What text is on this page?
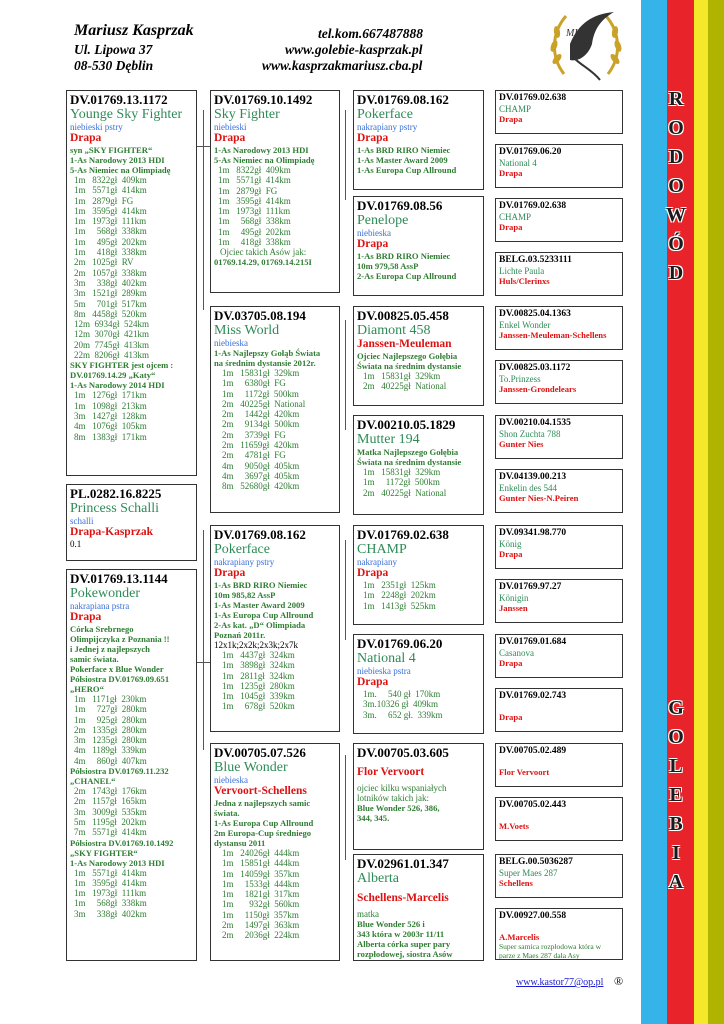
R
O
D
O
W
Ó
D
G
O
L
E
B
I
A
Mariusz Kasprzak
Ul. Lipowa 37
08-530 Dęblin
tel.kom.667487888
www.golebie-kasprzak.pl
www.kasprzakmariusz.cba.pl
MK
DV.01769.13.1172
Younge Sky Fighter
niebieski pstry
Drapa
syn „SKY FIGHTER“
1-As Narodowy 2013 HDI
5-As Niemiec na Olimpiadę
1m   8322gł  409km
1m   5571gł  414km
1m   2879gł  FG
1m   3595gł  414km
1m   1973gł  111km
1m     568gł  338km
1m     495gł  202km
1m     418gł  338km
2m   1025gł  RV
2m   1057gł  338km
3m     338gł  402km
3m   1521gł  289km
5m     701gł  517km
8m   4458gł  520km
12m  6934gł  524km
12m  3070gł  421km
20m  7745gł  413km
22m  8206gł  413km
SKY FIGHTER jest ojcem :
DV.01769.14.29 „Katy“
1-As Narodowy 2014 HDI
1m   1276gł  171km
1m   1098gł  213km
3m   1427gł  128km
4m   1076gł  105km
8m   1383gł  171km
PL.0282.16.8225
Princess Schalli
schalli
Drapa-Kasprzak
0.1
DV.01769.13.1144
Pokewonder
nakrapiana pstra
Drapa
Córka Srebrnego
Olimpijczyka z Poznania !!
i Jednej z najlepszych
samic świata.
Pokerface x Blue Wonder
Półsiostra DV.01769.09.651
„HERO“
1m   1171gł  230km
1m     727gł  280km
1m     925gł  280km
2m   1335gł  280km
3m   1235gł  280km
4m   1189gł  339km
4m     860gł  407km
Półsiostra DV.01769.11.232
„CHANEL“
2m   1743gł  176km
2m   1157gł  165km
3m   3009gł  535km
5m   1195gł  202km
7m   5571gł  414km
Półsiostra DV.01769.10.1492
„SKY FIGHTER“
1-As Narodowy 2013 HDI
1m   5571gł  414km
1m   3595gł  414km
1m   1973gł  111km
1m     568gł  338km
3m     338gł  402km
DV.01769.10.1492
Sky Fighter
niebieski
Drapa
1-As Narodowy 2013 HDI
5-As Niemiec na Olimpiadę
1m   8322gł  409km
1m   5571gł  414km
1m   2879gł  FG
1m   3595gł  414km
1m   1973gł  111km
1m     568gł  338km
1m     495gł  202km
1m     418gł  338km
Ojciec takich Asów jak:
01769.14.29, 01769.14.215I
DV.03705.08.194
Miss World
niebieska
1-As Najlepszy Gołąb Świata
na średnim dystansie 2012r.
1m   15831gł  329km
1m     6380gł  FG
1m     1172gł  500km
2m   40225gł  National
2m     1442gł  420km
2m     9134gł  500km
2m     3739gł  FG
2m   11659gł  420km
2m     4781gł  FG
4m     9050gł  405km
4m     3697gł  405km
8m   52680gł  420km
DV.01769.08.162
Pokerface
nakrapiany pstry
Drapa
1-As BRD RIRO Niemiec
10m 985,82 AssP
1-As Master Award 2009
1-As Europa Cup Allround
2-As kat. „D“ Olimpiada
Poznań 2011r.
12x1k;2x2k;2x3k;2x7k
1m   4437gł  324km
1m   3898gł  324km
1m   2811gł  324km
1m   1235gł  280km
1m   1045gł  339km
1m     678gł  520km
DV.00705.07.526
Blue Wonder
niebieska
Vervoort-Schellens
Jedna z najlepszych samic
świata.
1-As Europa Cup Allround
2m Europa-Cup średniego
dystansu 2011
1m   24026gł  444km
1m   15851gł  444km
1m   14059gł  357km
1m     1533gł  444km
1m     1821gł  317km
1m       932gł  560km
1m     1150gł  357km
2m     1497gł  363km
2m     2036gł  224km
DV.01769.08.162
Pokerface
nakrapiany pstry
Drapa
1-As BRD RIRO Niemiec
1-As Master Award 2009
1-As Europa Cup Allround
DV.01769.08.56
Penelope
niebieska
Drapa
1-As BRD RIRO Niemiec
10m 979,58 AssP
2-As Europa Cup Allround
DV.00825.05.458
Diamont 458
Janssen-Meuleman
Ojciec Najlepszego Gołębia
Świata na średnim dystansie
1m   15831gł  329km
2m   40225gł  National
DV.00210.05.1829
Mutter 194
Matka Najlepszego Gołębia
Świata na średnim dystansie
1m   15831gł  329km
1m     1172gł  500km
2m   40225gł  National
DV.01769.02.638
CHAMP
nakrapiany
Drapa
1m   2351gł  125km
1m   2248gł  202km
1m   1413gł  525km
DV.01769.06.20
National 4
niebieska pstra
Drapa
1m.     540 gł  170km
3m.10326 gł  409km
3m.     652 gł.  339km
DV.00705.03.605
Flor Vervoort
ojciec kilku wspaniałych lotników takich jak:
Blue Wonder 526, 386,
344, 345.
DV.02961.01.347
Alberta
Schellens-Marcelis
matka
Blue Wonder 526 i
343 która w 2003r 11/11
Alberta córka super pary
rozpłodowej, siostra Asów
DV.01769.02.638
CHAMP
Drapa
DV.01769.06.20
National 4
Drapa
DV.01769.02.638
CHAMP
Drapa
BELG.03.5233111
Lichte Paula
Huls/Clerinxs
DV.00825.04.1363
Enkel Wonder
Janssen-Meuleman-Schellens
DV.00825.03.1172
To.Prinzess
Janssen-Grondelears
DV.00210.04.1535
Shon Zuchta 788
Gunter Nies
DV.04139.00.213
Enkelin des 544
Gunter Nies-N.Peiren
DV.09341.98.770
König
Drapa
DV.01769.97.27
Königin
Janssen
DV.01769.01.684
Casanova
Drapa
DV.01769.02.743

Drapa
DV.00705.02.489

Flor Vervoort
DV.00705.02.443

M.Voets
BELG.00.5036287
Super Maes 287
Schellens
DV.00927.00.558

A.Marcelis
Super samica rozpłodowa która w parze z Maes 287 dała Asy
www.kastor77@op.pl ®
